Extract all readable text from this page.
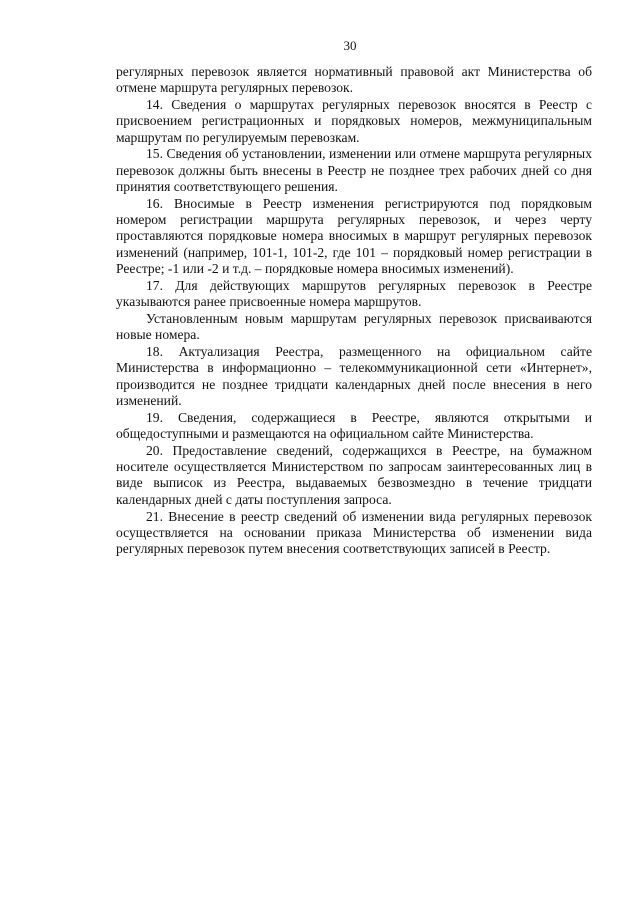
30

регулярных перевозок является нормативный правовой акт Министерства об отмене маршрута регулярных перевозок.

14. Сведения о маршрутах регулярных перевозок вносятся в Реестр с присвоением регистрационных и порядковых номеров, межмуниципальным маршрутам по регулируемым перевозкам.

15. Сведения об установлении, изменении или отмене маршрута регулярных перевозок должны быть внесены в Реестр не позднее трех рабочих дней со дня принятия соответствующего решения.

16. Вносимые в Реестр изменения регистрируются под порядковым номером регистрации маршрута регулярных перевозок, и через черту проставляются порядковые номера вносимых в маршрут регулярных перевозок изменений (например, 101-1, 101-2, где 101 – порядковый номер регистрации в Реестре; -1 или -2 и т.д. – порядковые номера вносимых изменений).

17. Для действующих маршрутов регулярных перевозок в Реестре указываются ранее присвоенные номера маршрутов.

Установленным новым маршрутам регулярных перевозок присваиваются новые номера.

18. Актуализация Реестра, размещенного на официальном сайте Министерства в информационно – телекоммуникационной сети «Интернет», производится не позднее тридцати календарных дней после внесения в него изменений.

19. Сведения, содержащиеся в Реестре, являются открытыми и общедоступными и размещаются на официальном сайте Министерства.

20. Предоставление сведений, содержащихся в Реестре, на бумажном носителе осуществляется Министерством по запросам заинтересованных лиц в виде выписок из Реестра, выдаваемых безвозмездно в течение тридцати календарных дней с даты поступления запроса.

21. Внесение в реестр сведений об изменении вида регулярных перевозок осуществляется на основании приказа Министерства об изменении вида регулярных перевозок путем внесения соответствующих записей в Реестр.
